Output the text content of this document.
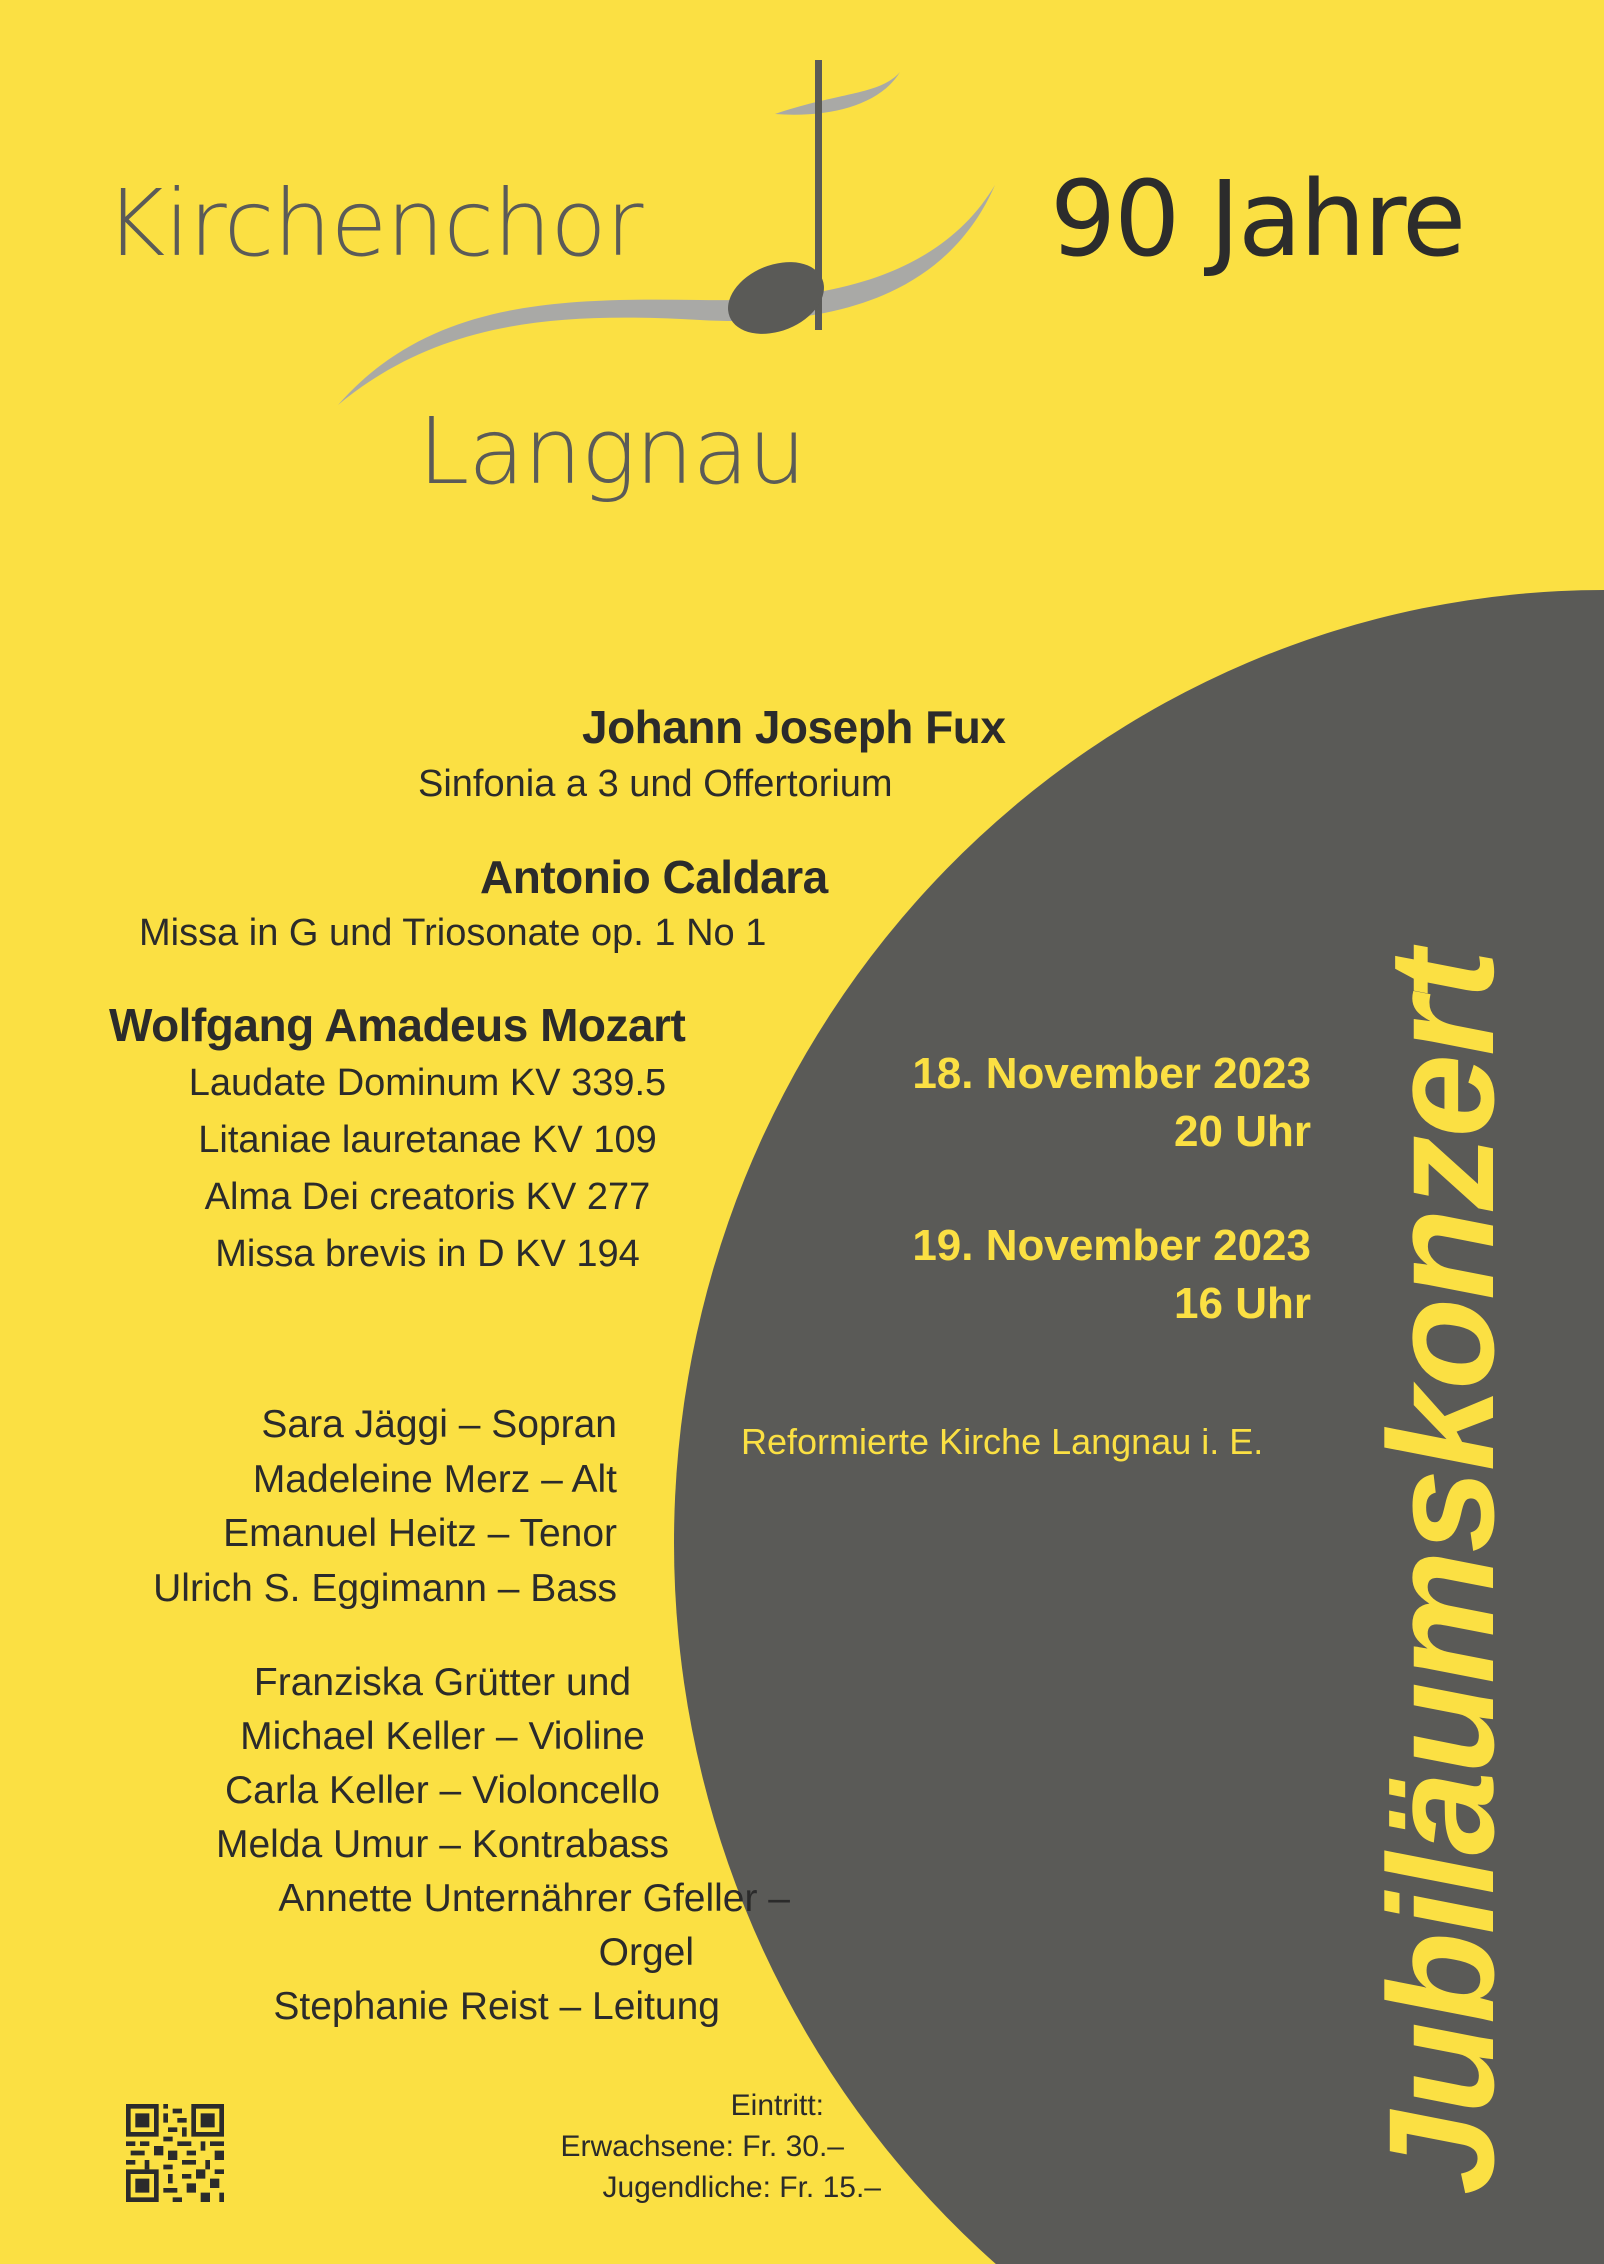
Kirchenchor
Langnau
90 Jahre
Johann Joseph Fux
Sinfonia a 3 und Offertorium
Antonio Caldara
Missa in G und Triosonate op. 1 No 1
Wolfgang Amadeus Mozart
Laudate Dominum KV 339.5
Litaniae lauretanae KV 109
Alma Dei creatoris KV 277
Missa brevis in D KV 194
Sara Jäggi – Sopran
Madeleine Merz – Alt
Emanuel Heitz – Tenor
Ulrich S. Eggimann – Bass
Franziska Grütter und
Michael Keller – Violine
Carla Keller – Violoncello
Melda Umur – Kontrabass
Annette Unternährer Gfeller –
Orgel
Stephanie Reist – Leitung
18. November 2023
20 Uhr
19. November 2023
16 Uhr
Reformierte Kirche Langnau i. E. Jubiläumskonzert
Eintritt:
Erwachsene: Fr. 30.–
Jugendliche: Fr. 15.–
